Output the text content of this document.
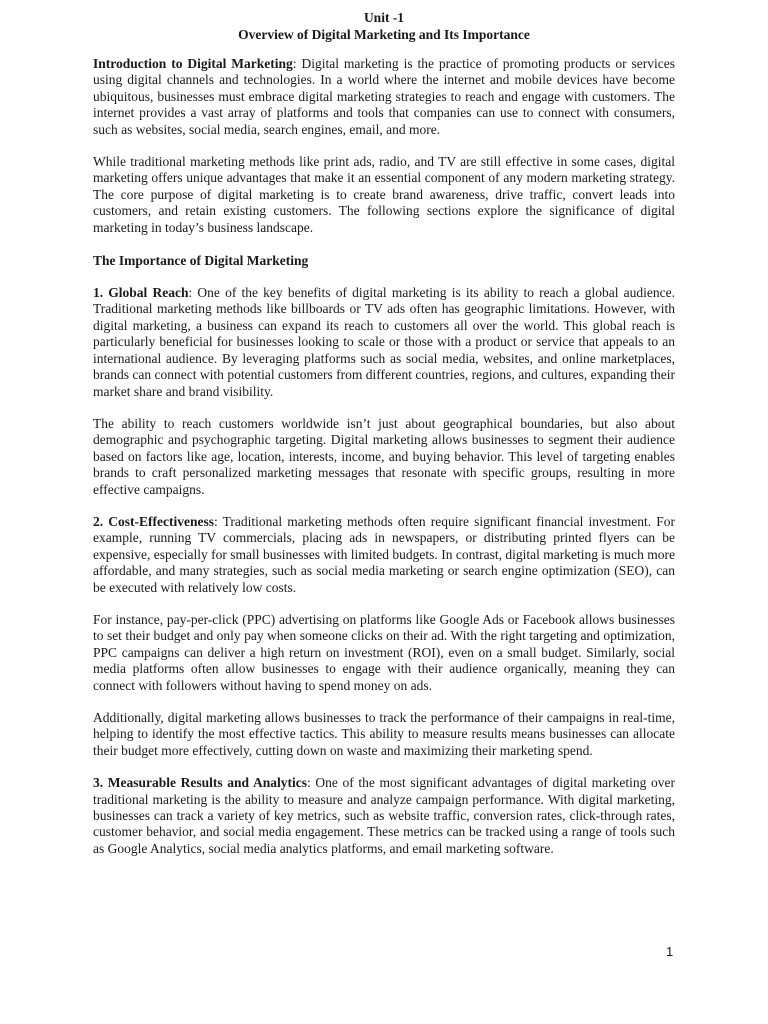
Unit -1
Overview of Digital Marketing and Its Importance

Introduction to Digital Marketing: Digital marketing is the practice of promoting products or services using digital channels and technologies. In a world where the internet and mobile devices have become ubiquitous, businesses must embrace digital marketing strategies to reach and engage with customers. The internet provides a vast array of platforms and tools that companies can use to connect with consumers, such as websites, social media, search engines, email, and more.

While traditional marketing methods like print ads, radio, and TV are still effective in some cases, digital marketing offers unique advantages that make it an essential component of any modern marketing strategy. The core purpose of digital marketing is to create brand awareness, drive traffic, convert leads into customers, and retain existing customers. The following sections explore the significance of digital marketing in today’s business landscape.

The Importance of Digital Marketing

1. Global Reach: One of the key benefits of digital marketing is its ability to reach a global audience. Traditional marketing methods like billboards or TV ads often has geographic limitations. However, with digital marketing, a business can expand its reach to customers all over the world. This global reach is particularly beneficial for businesses looking to scale or those with a product or service that appeals to an international audience. By leveraging platforms such as social media, websites, and online marketplaces, brands can connect with potential customers from different countries, regions, and cultures, expanding their market share and brand visibility.

The ability to reach customers worldwide isn’t just about geographical boundaries, but also about demographic and psychographic targeting. Digital marketing allows businesses to segment their audience based on factors like age, location, interests, income, and buying behavior. This level of targeting enables brands to craft personalized marketing messages that resonate with specific groups, resulting in more effective campaigns.

2. Cost-Effectiveness: Traditional marketing methods often require significant financial investment. For example, running TV commercials, placing ads in newspapers, or distributing printed flyers can be expensive, especially for small businesses with limited budgets. In contrast, digital marketing is much more affordable, and many strategies, such as social media marketing or search engine optimization (SEO), can be executed with relatively low costs.

For instance, pay-per-click (PPC) advertising on platforms like Google Ads or Facebook allows businesses to set their budget and only pay when someone clicks on their ad. With the right targeting and optimization, PPC campaigns can deliver a high return on investment (ROI), even on a small budget. Similarly, social media platforms often allow businesses to engage with their audience organically, meaning they can connect with followers without having to spend money on ads.

Additionally, digital marketing allows businesses to track the performance of their campaigns in real-time, helping to identify the most effective tactics. This ability to measure results means businesses can allocate their budget more effectively, cutting down on waste and maximizing their marketing spend.

3. Measurable Results and Analytics: One of the most significant advantages of digital marketing over traditional marketing is the ability to measure and analyze campaign performance. With digital marketing, businesses can track a variety of key metrics, such as website traffic, conversion rates, click-through rates, customer behavior, and social media engagement. These metrics can be tracked using a range of tools such as Google Analytics, social media analytics platforms, and email marketing software.

1
